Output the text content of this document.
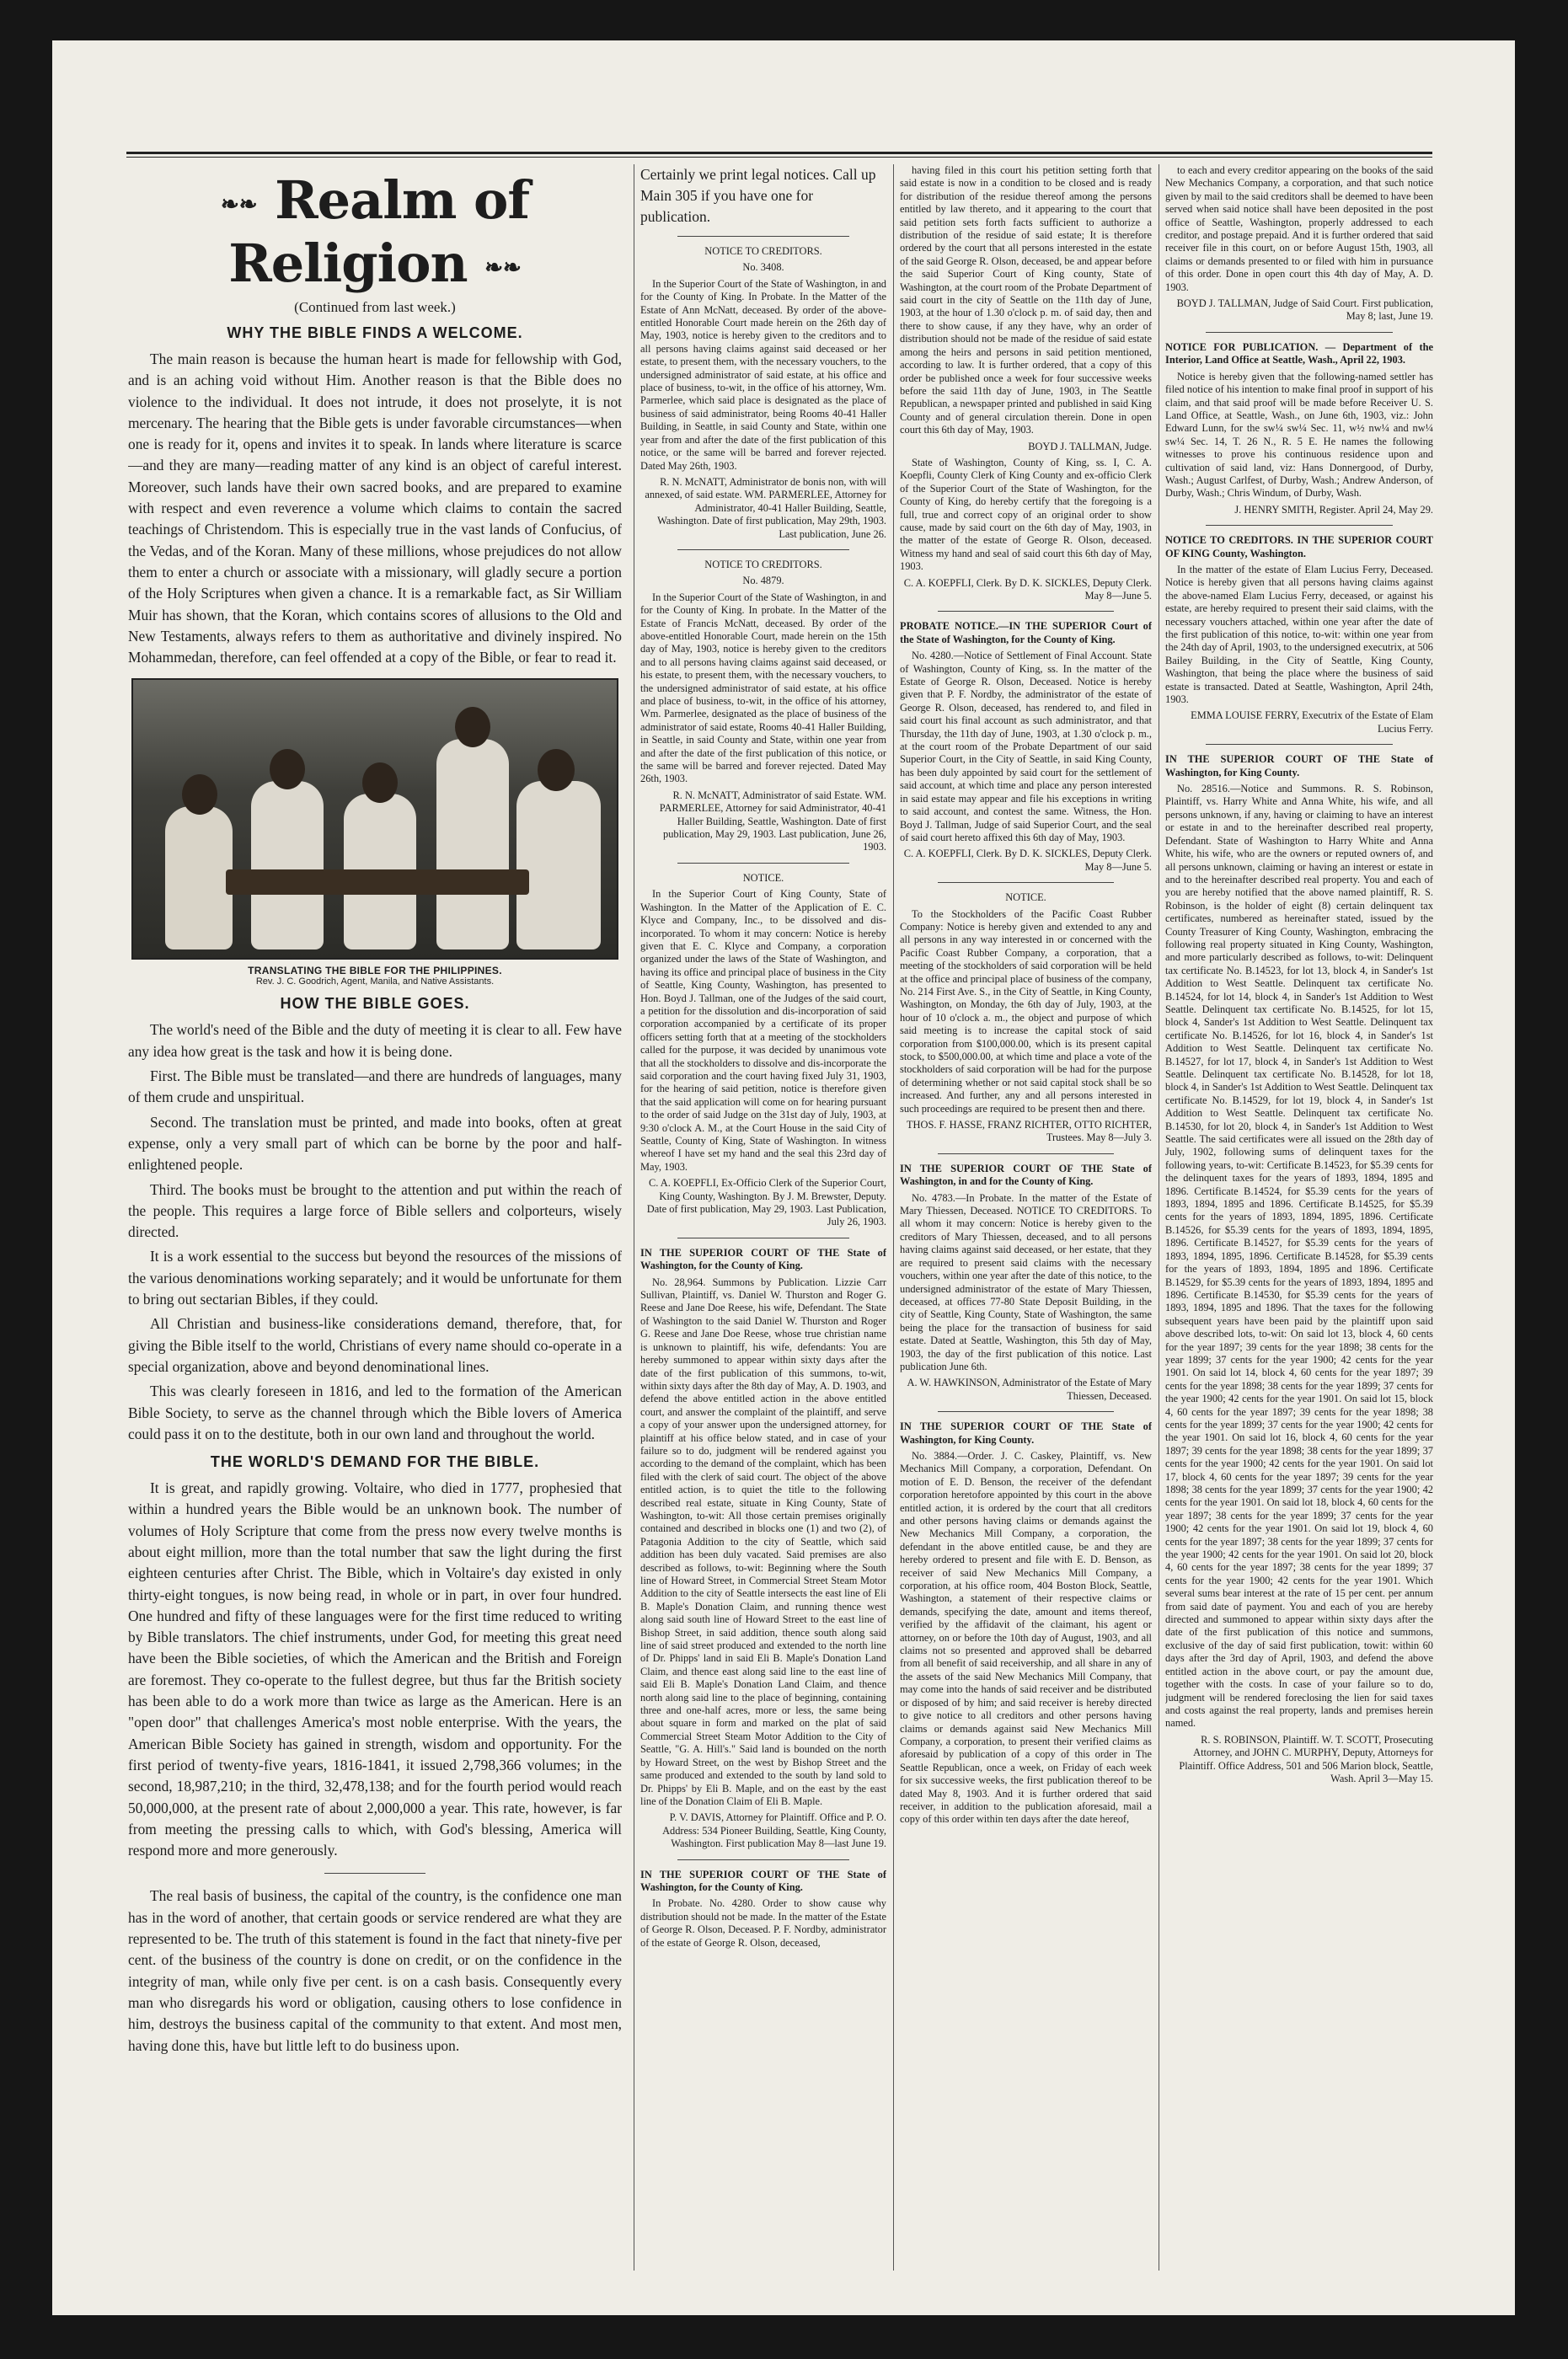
❧❧ Realm of Religion ❧❧
(Continued from last week.)
WHY THE BIBLE FINDS A WELCOME.

The main reason is because the human heart is made for fellowship with God, and is an aching void without Him. Another reason is that the Bible does no violence to the individual. It does not intrude, it does not proselyte, it is not mercenary. The hearing that the Bible gets is under favorable circumstances—when one is ready for it, opens and invites it to speak. In lands where literature is scarce—and they are many—reading matter of any kind is an object of careful interest. Moreover, such lands have their own sacred books, and are prepared to examine with respect and even reverence a volume which claims to contain the sacred teachings of Christendom. This is especially true in the vast lands of Confucius, of the Vedas, and of the Koran. Many of these millions, whose prejudices do not allow them to enter a church or associate with a missionary, will gladly secure a portion of the Holy Scriptures when given a chance. It is a remarkable fact, as Sir William Muir has shown, that the Koran, which contains scores of allusions to the Old and New Testaments, always refers to them as authoritative and divinely inspired. No Mohammedan, therefore, can feel offended at a copy of the Bible, or fear to read it.

TRANSLATING THE BIBLE FOR THE PHILIPPINES.
Rev. J. C. Goodrich, Agent, Manila, and Native Assistants.
HOW THE BIBLE GOES.

The world's need of the Bible and the duty of meeting it is clear to all. Few have any idea how great is the task and how it is being done.

First. The Bible must be translated—and there are hundreds of languages, many of them crude and unspiritual.

Second. The translation must be printed, and made into books, often at great expense, only a very small part of which can be borne by the poor and half-enlightened people.

Third. The books must be brought to the attention and put within the reach of the people. This requires a large force of Bible sellers and colporteurs, wisely directed.

It is a work essential to the success but beyond the resources of the missions of the various denominations working separately; and it would be unfortunate for them to bring out sectarian Bibles, if they could.

All Christian and business-like considerations demand, therefore, that, for giving the Bible itself to the world, Christians of every name should co-operate in a special organization, above and beyond denominational lines.

This was clearly foreseen in 1816, and led to the formation of the American Bible Society, to serve as the channel through which the Bible lovers of America could pass it on to the destitute, both in our own land and throughout the world.

THE WORLD'S DEMAND FOR THE BIBLE.

It is great, and rapidly growing. Voltaire, who died in 1777, prophesied that within a hundred years the Bible would be an unknown book. The number of volumes of Holy Scripture that come from the press now every twelve months is about eight million, more than the total number that saw the light during the first eighteen centuries after Christ. The Bible, which in Voltaire's day existed in only thirty-eight tongues, is now being read, in whole or in part, in over four hundred. One hundred and fifty of these languages were for the first time reduced to writing by Bible translators. The chief instruments, under God, for meeting this great need have been the Bible societies, of which the American and the British and Foreign are foremost. They co-operate to the fullest degree, but thus far the British society has been able to do a work more than twice as large as the American. Here is an "open door" that challenges America's most noble enterprise. With the years, the American Bible Society has gained in strength, wisdom and opportunity. For the first period of twenty-five years, 1816-1841, it issued 2,798,366 volumes; in the second, 18,987,210; in the third, 32,478,138; and for the fourth period would reach 50,000,000, at the present rate of about 2,000,000 a year. This rate, however, is far from meeting the pressing calls to which, with God's blessing, America will respond more and more generously.

The real basis of business, the capital of the country, is the confidence one man has in the word of another, that certain goods or service rendered are what they are represented to be. The truth of this statement is found in the fact that ninety-five per cent. of the business of the country is done on credit, or on the confidence in the integrity of man, while only five per cent. is on a cash basis. Consequently every man who disregards his word or obligation, causing others to lose confidence in him, destroys the business capital of the community to that extent. And most men, having done this, have but little left to do business upon.

Certainly we print legal notices. Call up Main 305 if you have one for publication.

NOTICE TO CREDITORS.

No. 3408.

In the Superior Court of the State of Washington, in and for the County of King. In Probate. In the Matter of the Estate of Ann McNatt, deceased. By order of the above-entitled Honorable Court made herein on the 26th day of May, 1903, notice is hereby given to the creditors and to all persons having claims against said deceased or her estate, to present them, with the necessary vouchers, to the undersigned administrator of said estate, at his office and place of business, to-wit, in the office of his attorney, Wm. Parmerlee, which said place is designated as the place of business of said administrator, being Rooms 40-41 Haller Building, in Seattle, in said County and State, within one year from and after the date of the first publication of this notice, or the same will be barred and forever rejected. Dated May 26th, 1903.

R. N. McNATT, Administrator de bonis non, with will annexed, of said estate. WM. PARMERLEE, Attorney for Administrator, 40-41 Haller Building, Seattle, Washington. Date of first publication, May 29th, 1903. Last publication, June 26.

NOTICE TO CREDITORS.

No. 4879.

In the Superior Court of the State of Washington, in and for the County of King. In probate. In the Matter of the Estate of Francis McNatt, deceased. By order of the above-entitled Honorable Court, made herein on the 15th day of May, 1903, notice is hereby given to the creditors and to all persons having claims against said deceased, or his estate, to present them, with the necessary vouchers, to the undersigned administrator of said estate, at his office and place of business, to-wit, in the office of his attorney, Wm. Parmerlee, designated as the place of business of the administrator of said estate, Rooms 40-41 Haller Building, in Seattle, in said County and State, within one year from and after the date of the first publication of this notice, or the same will be barred and forever rejected. Dated May 26th, 1903.

R. N. McNATT, Administrator of said Estate. WM. PARMERLEE, Attorney for said Administrator, 40-41 Haller Building, Seattle, Washington. Date of first publication, May 29, 1903. Last publication, June 26, 1903.

NOTICE.

In the Superior Court of King County, State of Washington. In the Matter of the Application of E. C. Klyce and Company, Inc., to be dissolved and dis-incorporated. To whom it may concern: Notice is hereby given that E. C. Klyce and Company, a corporation organized under the laws of the State of Washington, and having its office and principal place of business in the City of Seattle, King County, Washington, has presented to Hon. Boyd J. Tallman, one of the Judges of the said court, a petition for the dissolution and dis-incorporation of said corporation accompanied by a certificate of its proper officers setting forth that at a meeting of the stockholders called for the purpose, it was decided by unanimous vote that all the stockholders to dissolve and dis-incorporate the said corporation and the court having fixed July 31, 1903, for the hearing of said petition, notice is therefore given that the said application will come on for hearing pursuant to the order of said Judge on the 31st day of July, 1903, at 9:30 o'clock A. M., at the Court House in the said City of Seattle, County of King, State of Washington. In witness whereof I have set my hand and the seal this 23rd day of May, 1903.

C. A. KOEPFLI, Ex-Officio Clerk of the Superior Court, King County, Washington. By J. M. Brewster, Deputy. Date of first publication, May 29, 1903. Last Publication, July 26, 1903.

IN THE SUPERIOR COURT OF THE State of Washington, for the County of King.

No. 28,964. Summons by Publication. Lizzie Carr Sullivan, Plaintiff, vs. Daniel W. Thurston and Roger G. Reese and Jane Doe Reese, his wife, Defendant. The State of Washington to the said Daniel W. Thurston and Roger G. Reese and Jane Doe Reese, whose true christian name is unknown to plaintiff, his wife, defendants: You are hereby summoned to appear within sixty days after the date of the first publication of this summons, to-wit, within sixty days after the 8th day of May, A. D. 1903, and defend the above entitled action in the above entitled court, and answer the complaint of the plaintiff, and serve a copy of your answer upon the undersigned attorney, for plaintiff at his office below stated, and in case of your failure so to do, judgment will be rendered against you according to the demand of the complaint, which has been filed with the clerk of said court. The object of the above entitled action, is to quiet the title to the following described real estate, situate in King County, State of Washington, to-wit: All those certain premises originally contained and described in blocks one (1) and two (2), of Patagonia Addition to the city of Seattle, which said addition has been duly vacated. Said premises are also described as follows, to-wit: Beginning where the South line of Howard Street, in Commercial Street Steam Motor Addition to the city of Seattle intersects the east line of Eli B. Maple's Donation Claim, and running thence west along said south line of Howard Street to the east line of Bishop Street, in said addition, thence south along said line of said street produced and extended to the north line of Dr. Phipps' land in said Eli B. Maple's Donation Land Claim, and thence east along said line to the east line of said Eli B. Maple's Donation Land Claim, and thence north along said line to the place of beginning, containing three and one-half acres, more or less, the same being about square in form and marked on the plat of said Commercial Street Steam Motor Addition to the City of Seattle, "G. A. Hill's." Said land is bounded on the north by Howard Street, on the west by Bishop Street and the same produced and extended to the south by land sold to Dr. Phipps' by Eli B. Maple, and on the east by the east line of the Donation Claim of Eli B. Maple.

P. V. DAVIS, Attorney for Plaintiff. Office and P. O. Address: 534 Pioneer Building, Seattle, King County, Washington. First publication May 8—last June 19.

IN THE SUPERIOR COURT OF THE State of Washington, for the County of King.

In Probate. No. 4280. Order to show cause why distribution should not be made. In the matter of the Estate of George R. Olson, Deceased. P. F. Nordby, administrator of the estate of George R. Olson, deceased,

having filed in this court his petition setting forth that said estate is now in a condition to be closed and is ready for distribution of the residue thereof among the persons entitled by law thereto, and it appearing to the court that said petition sets forth facts sufficient to authorize a distribution of the residue of said estate; It is therefore ordered by the court that all persons interested in the estate of the said George R. Olson, deceased, be and appear before the said Superior Court of King county, State of Washington, at the court room of the Probate Department of said court in the city of Seattle on the 11th day of June, 1903, at the hour of 1.30 o'clock p. m. of said day, then and there to show cause, if any they have, why an order of distribution should not be made of the residue of said estate among the heirs and persons in said petition mentioned, according to law. It is further ordered, that a copy of this order be published once a week for four successive weeks before the said 11th day of June, 1903, in The Seattle Republican, a newspaper printed and published in said King County and of general circulation therein. Done in open court this 6th day of May, 1903.

BOYD J. TALLMAN, Judge.

State of Washington, County of King, ss. I, C. A. Koepfli, County Clerk of King County and ex-officio Clerk of the Superior Court of the State of Washington, for the County of King, do hereby certify that the foregoing is a full, true and correct copy of an original order to show cause, made by said court on the 6th day of May, 1903, in the matter of the estate of George R. Olson, deceased. Witness my hand and seal of said court this 6th day of May, 1903.

C. A. KOEPFLI, Clerk. By D. K. SICKLES, Deputy Clerk. May 8—June 5.

PROBATE NOTICE.—IN THE SUPERIOR Court of the State of Washington, for the County of King.

No. 4280.—Notice of Settlement of Final Account. State of Washington, County of King, ss. In the matter of the Estate of George R. Olson, Deceased. Notice is hereby given that P. F. Nordby, the administrator of the estate of George R. Olson, deceased, has rendered to, and filed in said court his final account as such administrator, and that Thursday, the 11th day of June, 1903, at 1.30 o'clock p. m., at the court room of the Probate Department of our said Superior Court, in the City of Seattle, in said King County, has been duly appointed by said court for the settlement of said account, at which time and place any person interested in said estate may appear and file his exceptions in writing to said account, and contest the same. Witness, the Hon. Boyd J. Tallman, Judge of said Superior Court, and the seal of said court hereto affixed this 6th day of May, 1903.

C. A. KOEPFLI, Clerk. By D. K. SICKLES, Deputy Clerk. May 8—June 5.

NOTICE.

To the Stockholders of the Pacific Coast Rubber Company: Notice is hereby given and extended to any and all persons in any way interested in or concerned with the Pacific Coast Rubber Company, a corporation, that a meeting of the stockholders of said corporation will be held at the office and principal place of business of the company, No. 214 First Ave. S., in the City of Seattle, in King County, Washington, on Monday, the 6th day of July, 1903, at the hour of 10 o'clock a. m., the object and purpose of which said meeting is to increase the capital stock of said corporation from $100,000.00, which is its present capital stock, to $500,000.00, at which time and place a vote of the stockholders of said corporation will be had for the purpose of determining whether or not said capital stock shall be so increased. And further, any and all persons interested in such proceedings are required to be present then and there.

THOS. F. HASSE, FRANZ RICHTER, OTTO RICHTER, Trustees. May 8—July 3.

IN THE SUPERIOR COURT OF THE State of Washington, in and for the County of King.

No. 4783.—In Probate. In the matter of the Estate of Mary Thiessen, Deceased. NOTICE TO CREDITORS. To all whom it may concern: Notice is hereby given to the creditors of Mary Thiessen, deceased, and to all persons having claims against said deceased, or her estate, that they are required to present said claims with the necessary vouchers, within one year after the date of this notice, to the undersigned administrator of the estate of Mary Thiessen, deceased, at offices 77-80 State Deposit Building, in the city of Seattle, King County, State of Washington, the same being the place for the transaction of business for said estate. Dated at Seattle, Washington, this 5th day of May, 1903, the day of the first publication of this notice. Last publication June 6th.

A. W. HAWKINSON, Administrator of the Estate of Mary Thiessen, Deceased.

IN THE SUPERIOR COURT OF THE State of Washington, for King County.

No. 3884.—Order. J. C. Caskey, Plaintiff, vs. New Mechanics Mill Company, a corporation, Defendant. On motion of E. D. Benson, the receiver of the defendant corporation heretofore appointed by this court in the above entitled action, it is ordered by the court that all creditors and other persons having claims or demands against the New Mechanics Mill Company, a corporation, the defendant in the above entitled cause, be and they are hereby ordered to present and file with E. D. Benson, as receiver of said New Mechanics Mill Company, a corporation, at his office room, 404 Boston Block, Seattle, Washington, a statement of their respective claims or demands, specifying the date, amount and items thereof, verified by the affidavit of the claimant, his agent or attorney, on or before the 10th day of August, 1903, and all claims not so presented and approved shall be debarred from all benefit of said receivership, and all share in any of the assets of the said New Mechanics Mill Company, that may come into the hands of said receiver and be distributed or disposed of by him; and said receiver is hereby directed to give notice to all creditors and other persons having claims or demands against said New Mechanics Mill Company, a corporation, to present their verified claims as aforesaid by publication of a copy of this order in The Seattle Republican, once a week, on Friday of each week for six successive weeks, the first publication thereof to be dated May 8, 1903. And it is further ordered that said receiver, in addition to the publication aforesaid, mail a copy of this order within ten days after the date hereof,

to each and every creditor appearing on the books of the said New Mechanics Company, a corporation, and that such notice given by mail to the said creditors shall be deemed to have been served when said notice shall have been deposited in the post office of Seattle, Washington, properly addressed to each creditor, and postage prepaid. And it is further ordered that said receiver file in this court, on or before August 15th, 1903, all claims or demands presented to or filed with him in pursuance of this order. Done in open court this 4th day of May, A. D. 1903.

BOYD J. TALLMAN, Judge of Said Court. First publication, May 8; last, June 19.

NOTICE FOR PUBLICATION. — Department of the Interior, Land Office at Seattle, Wash., April 22, 1903.

Notice is hereby given that the following-named settler has filed notice of his intention to make final proof in support of his claim, and that said proof will be made before Receiver U. S. Land Office, at Seattle, Wash., on June 6th, 1903, viz.: John Edward Lunn, for the sw¼ sw¼ Sec. 11, w½ nw¼ and nw¼ sw¼ Sec. 14, T. 26 N., R. 5 E. He names the following witnesses to prove his continuous residence upon and cultivation of said land, viz: Hans Donnergood, of Durby, Wash.; August Carlfest, of Durby, Wash.; Andrew Anderson, of Durby, Wash.; Chris Windum, of Durby, Wash.

J. HENRY SMITH, Register. April 24, May 29.

NOTICE TO CREDITORS. IN THE SUPERIOR COURT OF KING County, Washington.

In the matter of the estate of Elam Lucius Ferry, Deceased. Notice is hereby given that all persons having claims against the above-named Elam Lucius Ferry, deceased, or against his estate, are hereby required to present their said claims, with the necessary vouchers attached, within one year after the date of the first publication of this notice, to-wit: within one year from the 24th day of April, 1903, to the undersigned executrix, at 506 Bailey Building, in the City of Seattle, King County, Washington, that being the place where the business of said estate is transacted. Dated at Seattle, Washington, April 24th, 1903.

EMMA LOUISE FERRY, Executrix of the Estate of Elam Lucius Ferry.

IN THE SUPERIOR COURT OF THE State of Washington, for King County.

No. 28516.—Notice and Summons. R. S. Robinson, Plaintiff, vs. Harry White and Anna White, his wife, and all persons unknown, if any, having or claiming to have an interest or estate in and to the hereinafter described real property, Defendant. State of Washington to Harry White and Anna White, his wife, who are the owners or reputed owners of, and all persons unknown, claiming or having an interest or estate in and to the hereinafter described real property. You and each of you are hereby notified that the above named plaintiff, R. S. Robinson, is the holder of eight (8) certain delinquent tax certificates, numbered as hereinafter stated, issued by the County Treasurer of King County, Washington, embracing the following real property situated in King County, Washington, and more particularly described as follows, to-wit: Delinquent tax certificate No. B.14523, for lot 13, block 4, in Sander's 1st Addition to West Seattle. Delinquent tax certificate No. B.14524, for lot 14, block 4, in Sander's 1st Addition to West Seattle. Delinquent tax certificate No. B.14525, for lot 15, block 4, Sander's 1st Addition to West Seattle. Delinquent tax certificate No. B.14526, for lot 16, block 4, in Sander's 1st Addition to West Seattle. Delinquent tax certificate No. B.14527, for lot 17, block 4, in Sander's 1st Addition to West Seattle. Delinquent tax certificate No. B.14528, for lot 18, block 4, in Sander's 1st Addition to West Seattle. Delinquent tax certificate No. B.14529, for lot 19, block 4, in Sander's 1st Addition to West Seattle. Delinquent tax certificate No. B.14530, for lot 20, block 4, in Sander's 1st Addition to West Seattle. The said certificates were all issued on the 28th day of July, 1902, following sums of delinquent taxes for the following years, to-wit: Certificate B.14523, for $5.39 cents for the delinquent taxes for the years of 1893, 1894, 1895 and 1896. Certificate B.14524, for $5.39 cents for the years of 1893, 1894, 1895 and 1896. Certificate B.14525, for $5.39 cents for the years of 1893, 1894, 1895, 1896. Certificate B.14526, for $5.39 cents for the years of 1893, 1894, 1895, 1896. Certificate B.14527, for $5.39 cents for the years of 1893, 1894, 1895, 1896. Certificate B.14528, for $5.39 cents for the years of 1893, 1894, 1895 and 1896. Certificate B.14529, for $5.39 cents for the years of 1893, 1894, 1895 and 1896. Certificate B.14530, for $5.39 cents for the years of 1893, 1894, 1895 and 1896. That the taxes for the following subsequent years have been paid by the plaintiff upon said above described lots, to-wit: On said lot 13, block 4, 60 cents for the year 1897; 39 cents for the year 1898; 38 cents for the year 1899; 37 cents for the year 1900; 42 cents for the year 1901. On said lot 14, block 4, 60 cents for the year 1897; 39 cents for the year 1898; 38 cents for the year 1899; 37 cents for the year 1900; 42 cents for the year 1901. On said lot 15, block 4, 60 cents for the year 1897; 39 cents for the year 1898; 38 cents for the year 1899; 37 cents for the year 1900; 42 cents for the year 1901. On said lot 16, block 4, 60 cents for the year 1897; 39 cents for the year 1898; 38 cents for the year 1899; 37 cents for the year 1900; 42 cents for the year 1901. On said lot 17, block 4, 60 cents for the year 1897; 39 cents for the year 1898; 38 cents for the year 1899; 37 cents for the year 1900; 42 cents for the year 1901. On said lot 18, block 4, 60 cents for the year 1897; 38 cents for the year 1899; 37 cents for the year 1900; 42 cents for the year 1901. On said lot 19, block 4, 60 cents for the year 1897; 38 cents for the year 1899; 37 cents for the year 1900; 42 cents for the year 1901. On said lot 20, block 4, 60 cents for the year 1897; 38 cents for the year 1899; 37 cents for the year 1900; 42 cents for the year 1901. Which several sums bear interest at the rate of 15 per cent. per annum from said date of payment. You and each of you are hereby directed and summoned to appear within sixty days after the date of the first publication of this notice and summons, exclusive of the day of said first publication, towit: within 60 days after the 3rd day of April, 1903, and defend the above entitled action in the above court, or pay the amount due, together with the costs. In case of your failure so to do, judgment will be rendered foreclosing the lien for said taxes and costs against the real property, lands and premises herein named.

R. S. ROBINSON, Plaintiff. W. T. SCOTT, Prosecuting Attorney, and JOHN C. MURPHY, Deputy, Attorneys for Plaintiff. Office Address, 501 and 506 Marion block, Seattle, Wash. April 3—May 15.
